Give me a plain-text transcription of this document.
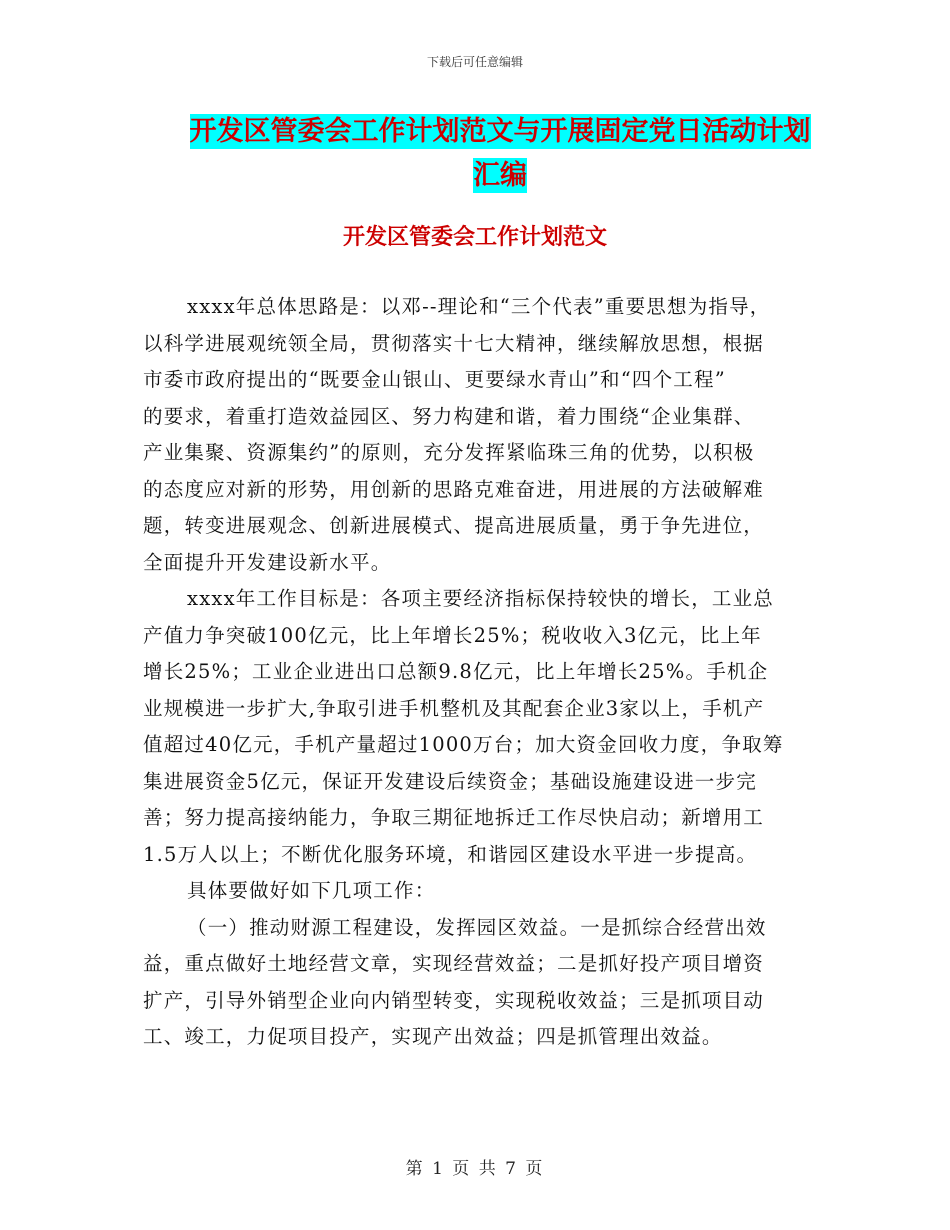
下载后可任意编辑
开发区管委会工作计划范文与开展固定党日活动计划
汇编
开发区管委会工作计划范文
xxxx年总体思路是：以邓--理论和“三个代表”重要思想为指导，
以科学进展观统领全局，贯彻落实十七大精神，继续解放思想，根据
市委市政府提出的“既要金山银山、更要绿水青山”和“四个工程”
的要求，着重打造效益园区、努力构建和谐，着力围绕“企业集群、
产业集聚、资源集约”的原则，充分发挥紧临珠三角的优势，以积极
的态度应对新的形势，用创新的思路克难奋进，用进展的方法破解难
题，转变进展观念、创新进展模式、提高进展质量，勇于争先进位，
全面提升开发建设新水平。
xxxx年工作目标是：各项主要经济指标保持较快的增长，工业总
产值力争突破100亿元，比上年增长25%；税收收入3亿元，比上年
增长25%；工业企业进出口总额9.8亿元，比上年增长25%。手机企
业规模进一步扩大,争取引进手机整机及其配套企业3家以上，手机产
值超过40亿元，手机产量超过1000万台；加大资金回收力度，争取筹
集进展资金5亿元，保证开发建设后续资金；基础设施建设进一步完
善；努力提高接纳能力，争取三期征地拆迁工作尽快启动；新增用工
1.5万人以上；不断优化服务环境，和谐园区建设水平进一步提高。
具体要做好如下几项工作：
（一）推动财源工程建设，发挥园区效益。一是抓综合经营出效
益，重点做好土地经营文章，实现经营效益；二是抓好投产项目增资
扩产，引导外销型企业向内销型转变，实现税收效益；三是抓项目动
工、竣工，力促项目投产，实现产出效益；四是抓管理出效益。
第 1 页 共 7 页
